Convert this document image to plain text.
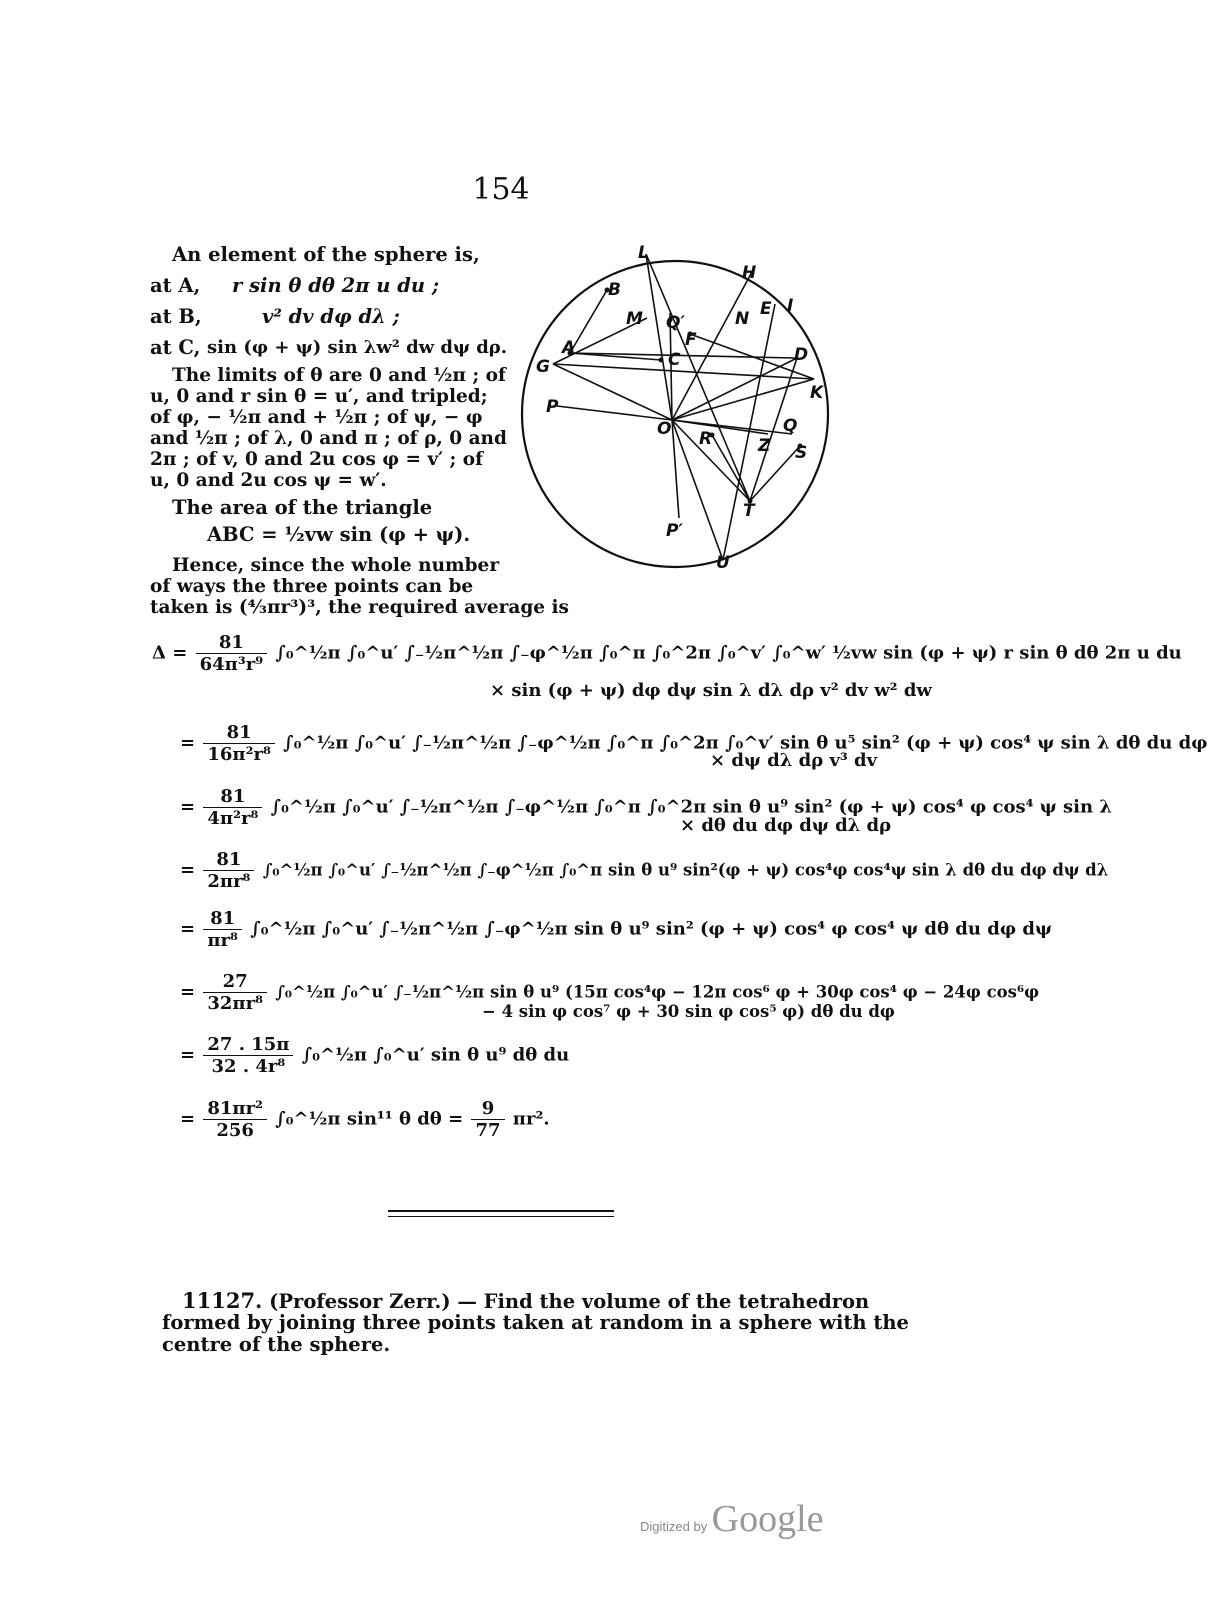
154
An element of the sphere is,
at A, r sin θ dθ 2π u du ;
at B,	v² dv dφ dλ ;
at C, sin (φ + ψ) sin λw² dw dψ dρ.
The limits of θ are 0 and ½π ; of
u, 0 and r sin θ = u′, and tripled;
of φ, − ½π and + ½π ; of ψ, − φ
and ½π ; of λ, 0 and π ; of ρ, 0 and
2π ; of v, 0 and 2u cos φ = v′ ; of
u, 0 and 2u cos ψ = w′.
The area of the triangle
ABC = ½vw sin (φ + ψ).
Hence, since the whole number
of ways the three points can be
taken is (⁴⁄₃πr³)³, the required average is
L
H
B
E I
M Q′
F
N
A	D
G	C
K
P
O	Q
R	Z S
T
P′
U
$\Delta = \frac{81}{\text{64π³r⁹}}$ ∫₀^½π ∫₀^u′ ∫₋½π^½π ∫₋φ^½π ∫₀^π ∫₀^2π ∫₀^v′ ∫₀^w′ ½vw sin (φ + ψ) r sin θ dθ 2π u du
× sin (φ + ψ) dφ dψ sin λ dλ dρ v² dv w² dw
= $\frac{81}{\text{16π²r⁸}}$ ∫₀^½π ∫₀^u′ ∫₋½π^½π ∫₋φ^½π ∫₀^π ∫₀^2π ∫₀^v′ sin θ u⁵ sin² (φ + ψ) cos⁴ ψ sin λ dθ du dφ
× dψ dλ dρ v³ dv
= $\frac{81}{\text{4π²r⁸}}$ ∫₀^½π ∫₀^u′ ∫₋½π^½π ∫₋φ^½π ∫₀^π ∫₀^2π sin θ u⁹ sin² (φ + ψ) cos⁴ φ cos⁴ ψ sin λ
× dθ du dφ dψ dλ dρ
= $\frac{81}{\text{2πr⁸}}$ ∫₀^½π ∫₀^u′ ∫₋½π^½π ∫₋φ^½π ∫₀^π sin θ u⁹ sin²(φ + ψ) cos⁴φ cos⁴ψ sin λ dθ du dφ dψ dλ
= $\frac{81}{\text{πr⁸}}$ ∫₀^½π ∫₀^u′ ∫₋½π^½π ∫₋φ^½π sin θ u⁹ sin² (φ + ψ) cos⁴ φ cos⁴ ψ dθ du dφ dψ
= $\frac{27}{\text{32πr⁸}}$ ∫₀^½π ∫₀^u′ ∫₋½π^½π sin θ u⁹ (15π cos⁴φ − 12π cos⁶ φ + 30φ cos⁴ φ − 24φ cos⁶φ
− 4 sin φ cos⁷ φ + 30 sin φ cos⁵ φ) dθ du dφ
= $\frac{27 . 15\pi}{\text{32 . 4r⁸}}$ ∫₀^½π ∫₀^u′ sin θ u⁹ dθ du
= $\frac{\text{81πr²}}{256}$ ∫₀^½π sin¹¹ θ $d\theta = \frac{9}{77} \pi r^2$.
11127. (Professor Zerr.) — Find the volume of the tetrahedron
formed by joining three points taken at random in a sphere with the
centre of the sphere.
Digitized by Google
